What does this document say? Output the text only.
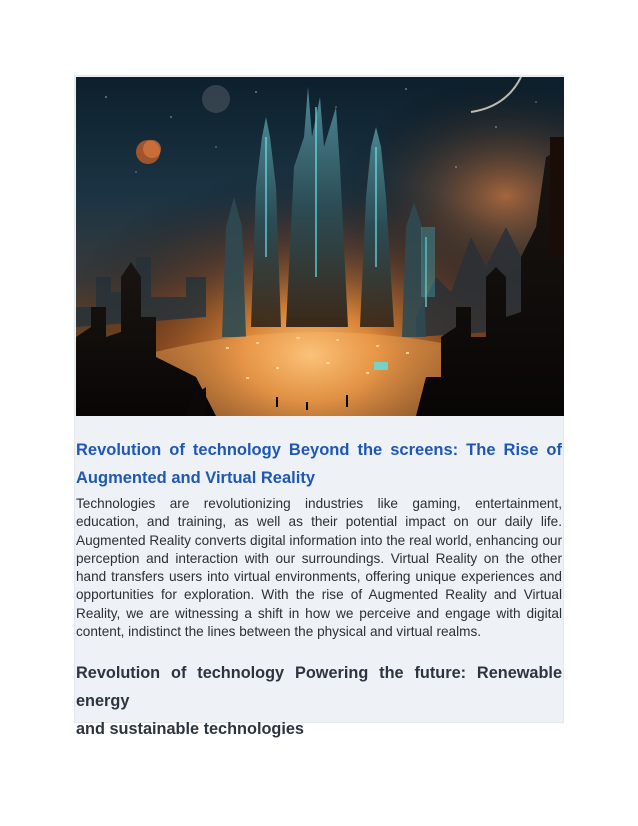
Revolution of technology Beyond the screens: The Rise of
Augmented and Virtual Reality

Technologies are revolutionizing industries like gaming, entertainment, education, and training, as well as their potential impact on our daily life. Augmented Reality converts digital information into the real world, enhancing our perception and interaction with our surroundings. Virtual Reality on the other hand transfers users into virtual environments, offering unique experiences and opportunities for exploration. With the rise of Augmented Reality and Virtual Reality, we are witnessing a shift in how we perceive and engage with digital content, indistinct the lines between the physical and virtual realms.

Revolution of technology Powering the future: Renewable energy
and sustainable technologies
